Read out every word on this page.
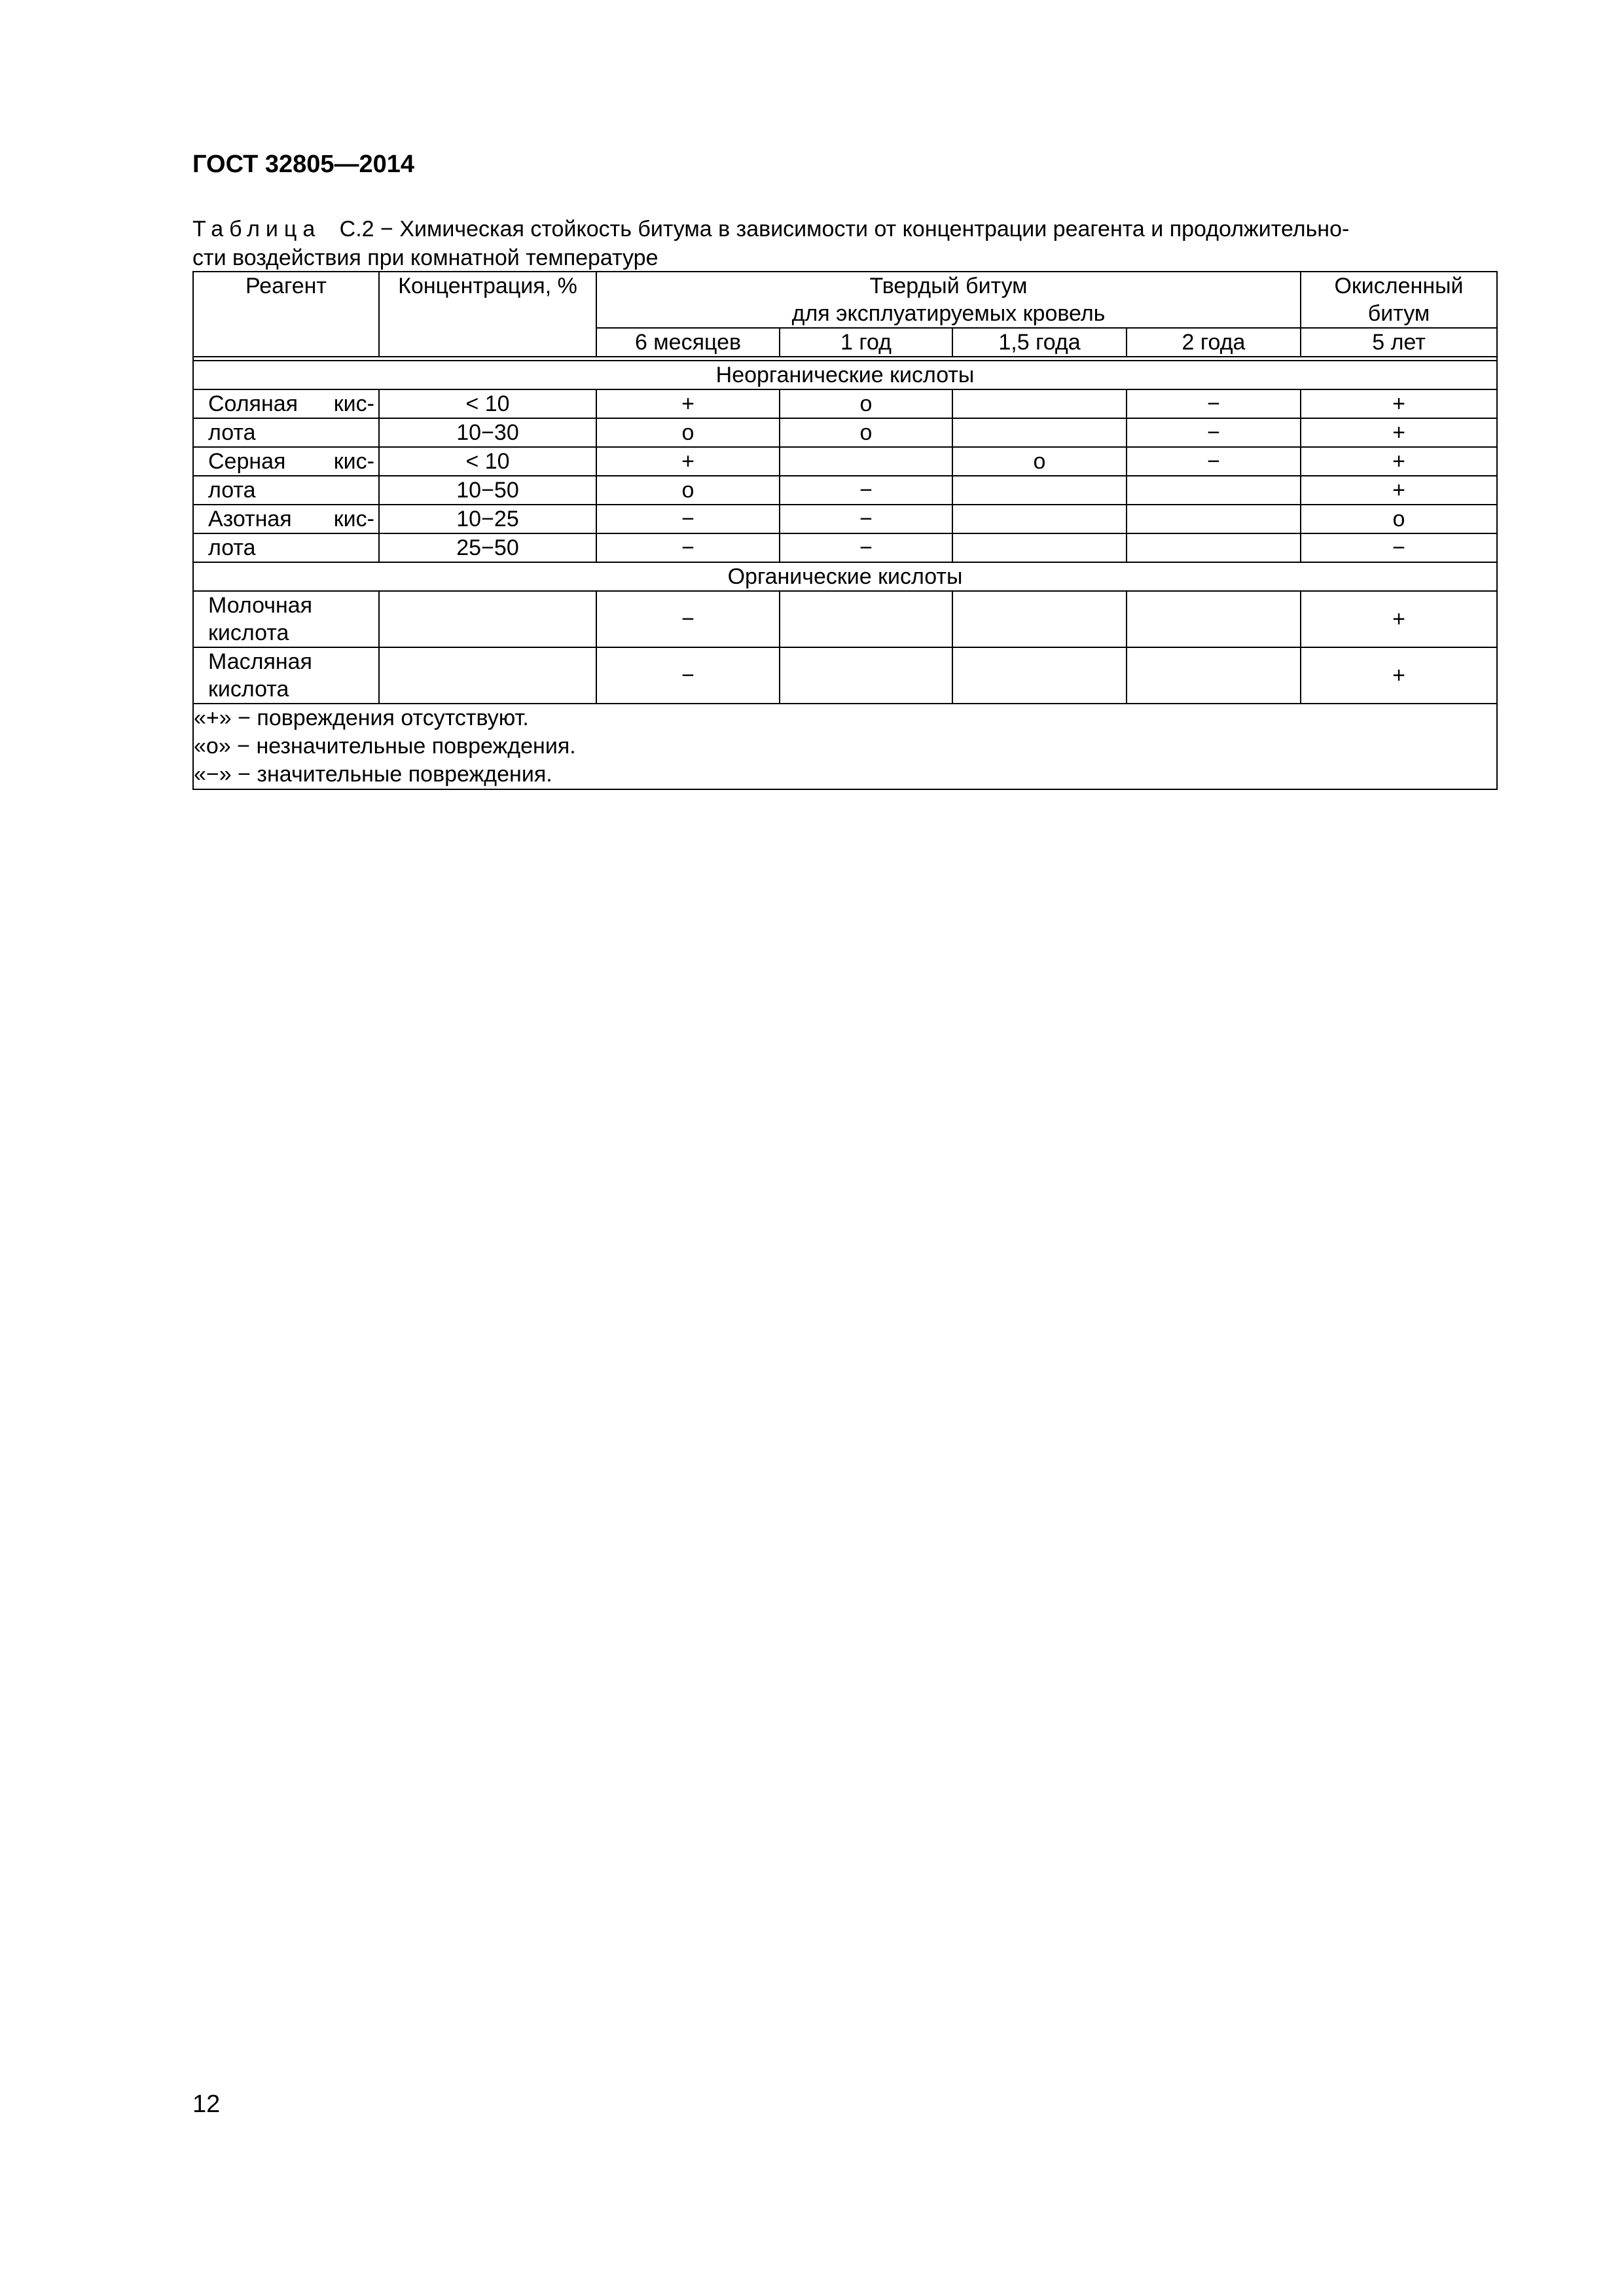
ГОСТ 32805—2014

Таблица С.2 − Химическая стойкость битума в зависимости от концентрации реагента и продолжительно-
сти воздействия при комнатной температуре

Реагент	Концентрация, %	Твердый битум
для эксплуатируемых кровель				Окисленный
битум
		6 месяцев	1 год	1,5 года	2 года	5 лет

Неорганические кислоты						
Соляная кис-	< 10	+	о		−	+
лота	10−30	о	о		−	+
Серная кис-	< 10	+		о	−	+
лота	10−50	о	−			+
Азотная кис-	10−25	−	−			о
лота	25−50	−	−			−
Органические кислоты						
Молочная
кислота		−				+
Масляная
кислота		−				+

«+» − повреждения отсутствуют.
«о» − незначительные повреждения.
«−» − значительные повреждения.						
12
